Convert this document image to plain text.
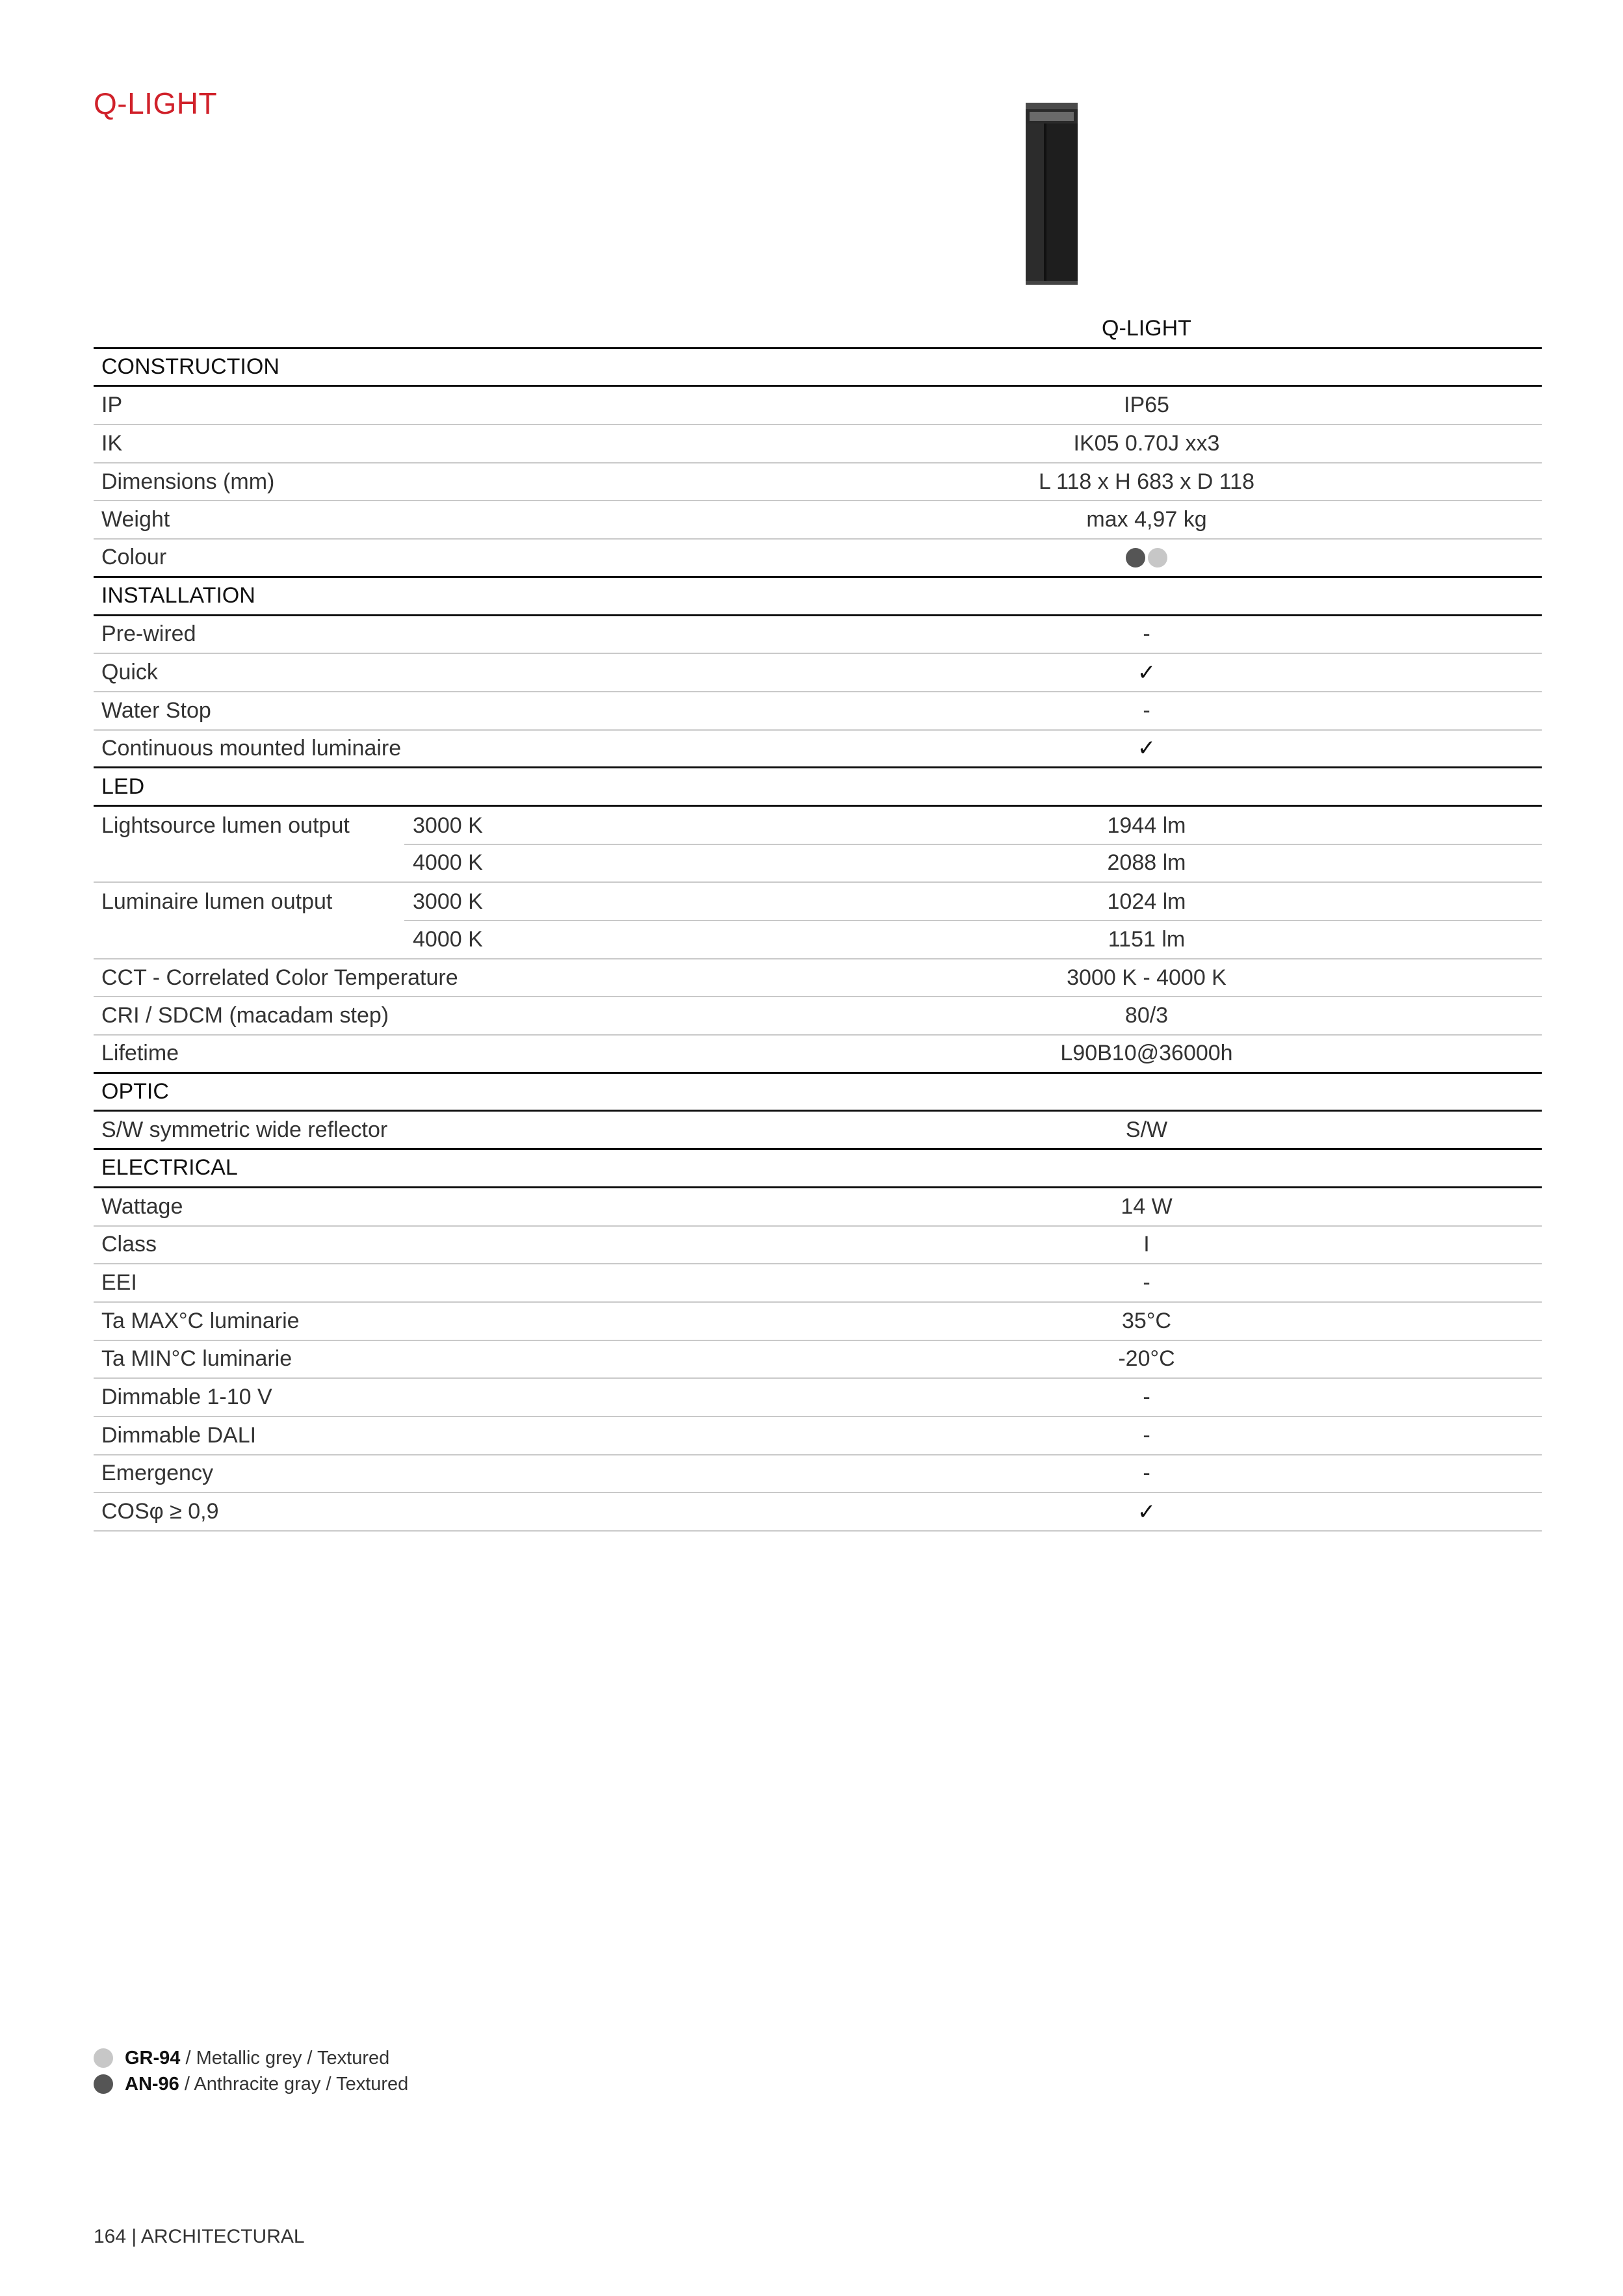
Q-LIGHT
Q-LIGHT
CONSTRUCTION
IP	IP65
IK	IK05 0.70J xx3
Dimensions (mm)	L 118 x H 683 x D 118
Weight	max 4,97 kg
Colour
INSTALLATION
Pre-wired	-
Quick	✓
Water Stop	-
Continuous mounted luminaire	✓
LED
Lightsource lumen output	3000 K	1944 lm
4000 K	2088 lm
Luminaire lumen output	3000 K	1024 lm
4000 K	1151 lm
CCT - Correlated Color Temperature	3000 K - 4000 K
CRI / SDCM (macadam step)	80/3
Lifetime	L90B10@36000h
OPTIC
S/W symmetric wide reflector	S/W
ELECTRICAL
Wattage	14 W
Class	I
EEI	-
Ta MAX°C luminarie	35°C
Ta MIN°C luminarie	-20°C
Dimmable 1-10 V	-
Dimmable DALI	-
Emergency	-
COSφ ≥ 0,9	✓
GR-94 / Metallic grey / Textured
AN-96 / Anthracite gray / Textured
164 | ARCHITECTURAL
